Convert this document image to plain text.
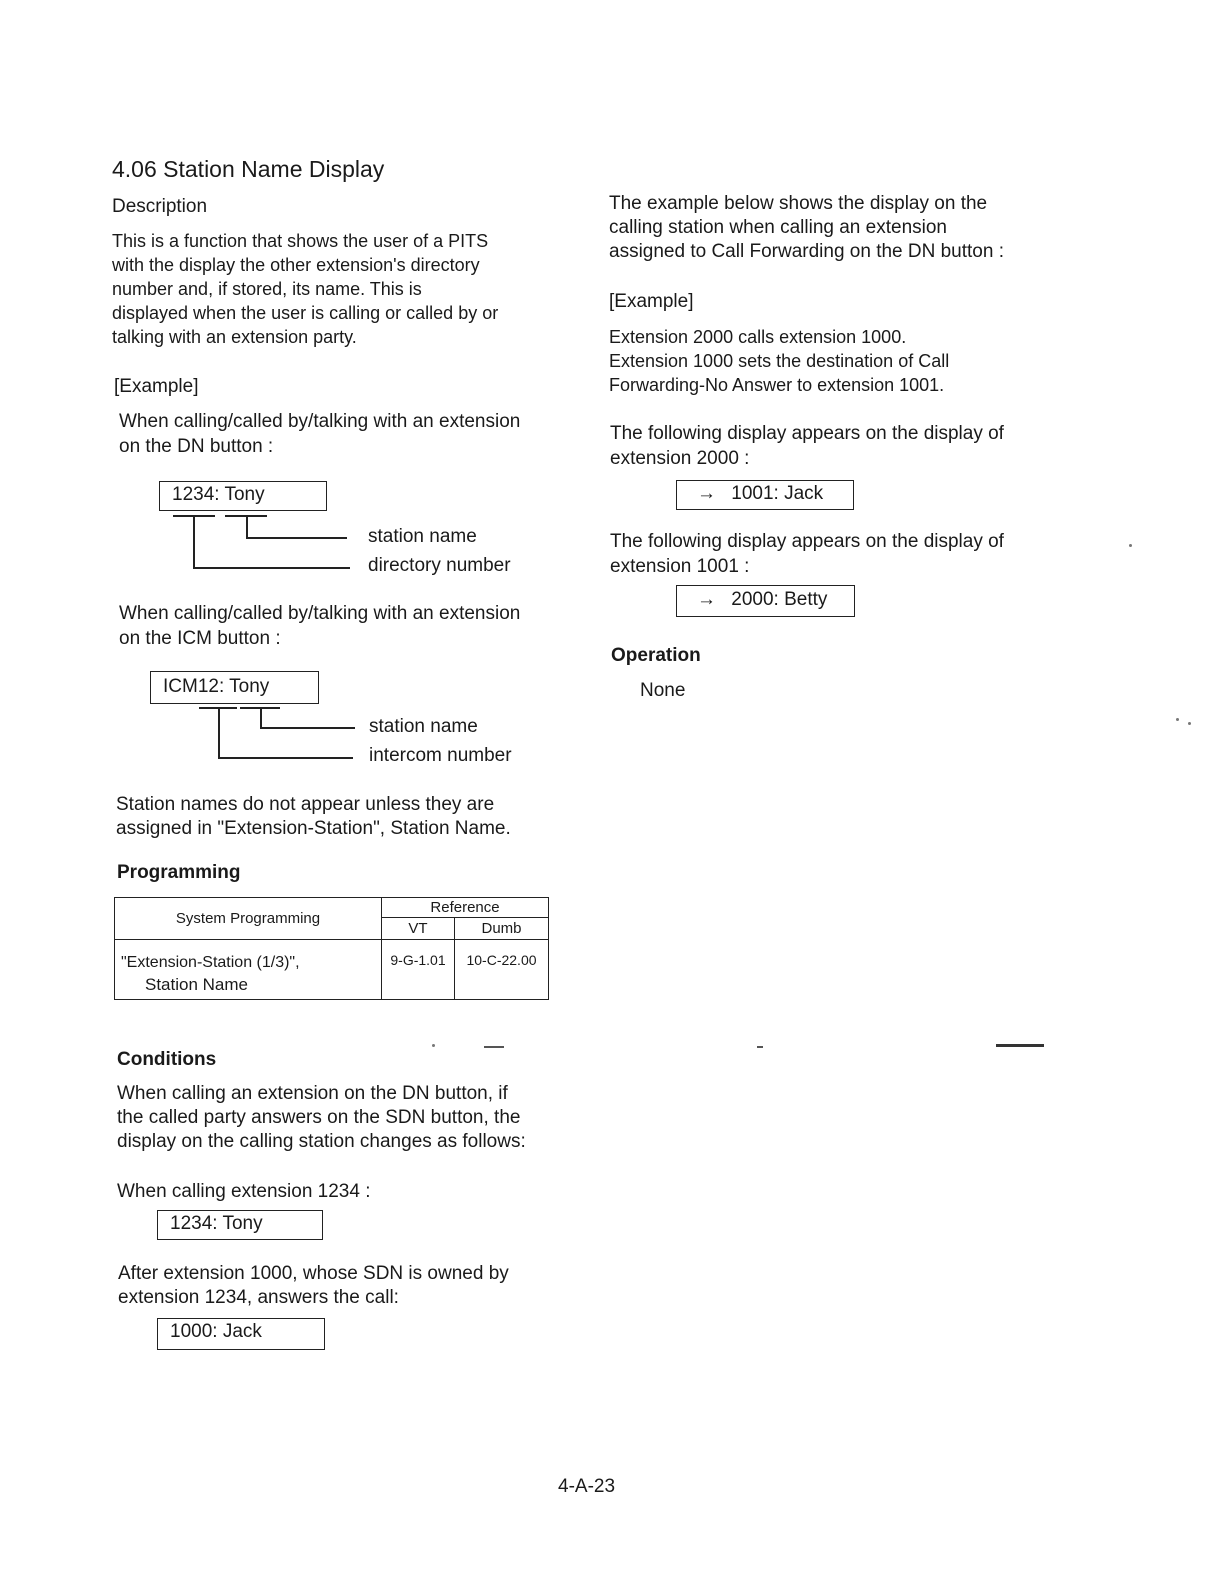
4.06 Station Name Display
Description
This is a function that shows the user of a PITS
with the display the other extension's directory
number and, if stored, its name. This is
displayed when the user is calling or called by or
talking with an extension party.
[Example]
When calling/called by/talking with an extension
on the DN button :
1234: Tony
station name
directory number
When calling/called by/talking with an extension
on the ICM button :
ICM12: Tony
station name
intercom number
Station names do not appear unless they are
assigned in "Extension-Station", Station Name.
Programming
System Programming	Reference	
	VT	Dumb

"Extension-Station (1/3)",
Station Name	9-G-1.01	10-C-22.00
Conditions
When calling an extension on the DN button, if
the called party answers on the SDN button, the
display on the calling station changes as follows:
When calling extension 1234 :
1234: Tony
After extension 1000, whose SDN is owned by
extension 1234, answers the call:
1000: Jack
The example below shows the display on the
calling station when calling an extension
assigned to Call Forwarding on the DN button :
[Example]
Extension 2000 calls extension 1000.
Extension 1000 sets the destination of Call
Forwarding-No Answer to extension 1001.
The following display appears on the display of
extension 2000 :
→ 1001: Jack
The following display appears on the display of
extension 1001 :
→ 2000: Betty
Operation
None
4-A-23
